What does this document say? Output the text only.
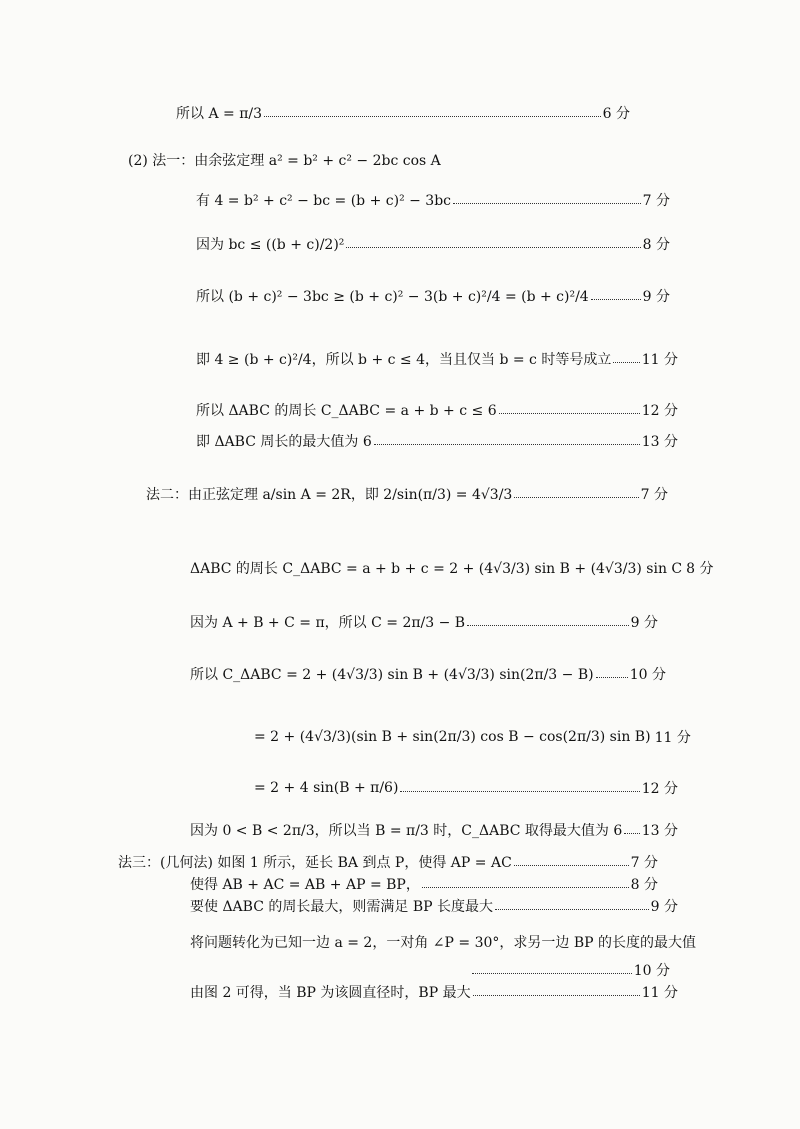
所以 A = π/3	6 分
(2) 法一：由余弦定理 a² = b² + c² − 2bc cos A
有 4 = b² + c² − bc = (b + c)² − 3bc	7 分
因为 bc ≤ ((b + c)/2)²	8 分
所以 (b + c)² − 3bc ≥ (b + c)² − 3(b + c)²/4 = (b + c)²/4	9 分
即 4 ≥ (b + c)²/4，所以 b + c ≤ 4，当且仅当 b = c 时等号成立 11 分
所以 ΔABC 的周长 C_ΔABC = a + b + c ≤ 6	12 分
即 ΔABC 周长的最大值为 6	13 分
法二：由正弦定理 a/sin A = 2R，即 2/sin(π/3) = 4√3/3	7 分
ΔABC 的周长 C_ΔABC = a + b + c = 2 + (4√3/3) sin B + (4√3/3) sin C 8 分
因为 A + B + C = π，所以 C = 2π/3 − B	9 分
所以 C_ΔABC = 2 + (4√3/3) sin B + (4√3/3) sin(2π/3 − B)	10 分
= 2 + (4√3/3)(sin B + sin(2π/3) cos B − cos(2π/3) sin B) 11 分
= 2 + 4 sin(B + π/6)	12 分
因为 0 < B < 2π/3，所以当 B = π/3 时，C_ΔABC 取得最大值为 6 13 分
法三：(几何法) 如图 1 所示，延长 BA 到点 P，使得 AP = AC	7 分
使得 AB + AC = AB + AP = BP，	8 分
要使 ΔABC 的周长最大，则需满足 BP 长度最大	9 分
将问题转化为已知一边 a = 2，一对角 ∠P = 30°，求另一边 BP 的长度的最大值
10 分
由图 2 可得，当 BP 为该圆直径时，BP 最大	11 分
